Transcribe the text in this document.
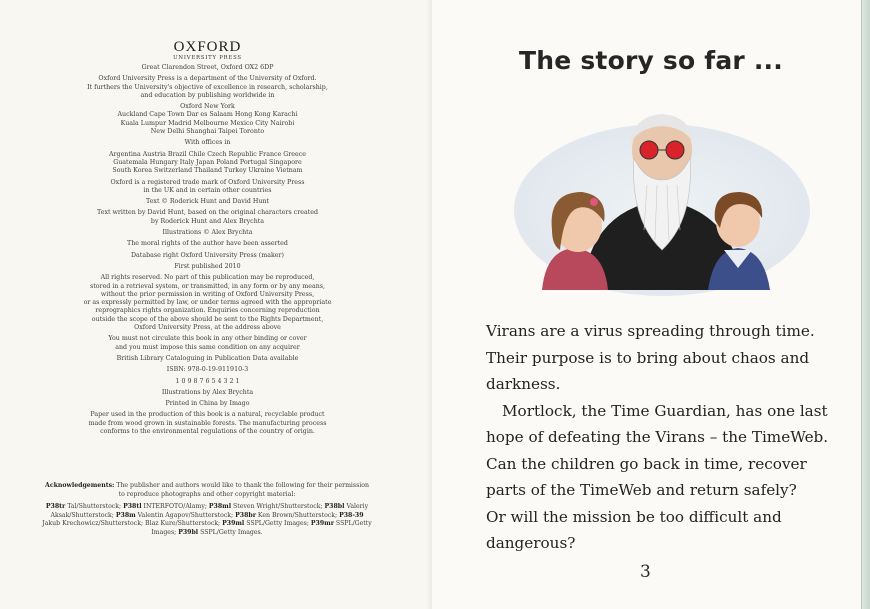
OXFORD
UNIVERSITY PRESS

Great Clarendon Street, Oxford OX2 6DP

Oxford University Press is a department of the University of Oxford.
It furthers the University's objective of excellence in research, scholarship,
and education by publishing worldwide in

Oxford New York
Auckland Cape Town Dar es Salaam Hong Kong Karachi
Kuala Lumpur Madrid Melbourne Mexico City Nairobi
New Delhi Shanghai Taipei Toronto

With offices in

Argentina Austria Brazil Chile Czech Republic France Greece
Guatemala Hungary Italy Japan Poland Portugal Singapore
South Korea Switzerland Thailand Turkey Ukraine Vietnam

Oxford is a registered trade mark of Oxford University Press
in the UK and in certain other countries

Text © Roderick Hunt and David Hunt

Text written by David Hunt, based on the original characters created
by Roderick Hunt and Alex Brychta

Illustrations © Alex Brychta

The moral rights of the author have been asserted

Database right Oxford University Press (maker)

First published 2010

All rights reserved. No part of this publication may be reproduced,
stored in a retrieval system, or transmitted, in any form or by any means,
without the prior permission in writing of Oxford University Press,
or as expressly permitted by law, or under terms agreed with the appropriate
reprographics rights organization. Enquiries concerning reproduction
outside the scope of the above should be sent to the Rights Department,
Oxford University Press, at the address above

You must not circulate this book in any other binding or cover
and you must impose this same condition on any acquirer

British Library Cataloguing in Publication Data available

ISBN: 978-0-19-911910-3

1 0 9 8 7 6 5 4 3 2 1

Illustrations by Alex Brychta

Printed in China by Imago

Paper used in the production of this book is a natural, recyclable product
made from wood grown in sustainable forests. The manufacturing process
conforms to the environmental regulations of the country of origin.

Acknowledgements: The publisher and authors would like to thank the following for their permission to reproduce photographs and other copyright material:

P38tr Tal/Shutterstock; P38tl INTERFOTO/Alamy; P38ml Steven Wright/Shutterstock; P38bl Valeriy Aksak/Shutterstock; P38m Valentin Agapov/Shutterstock; P38br Ken Brown/Shutterstock; P38-39 Jakub Krechowicz/Shutterstock; Blaz Kure/Shutterstock; P39ml SSPL/Getty Images; P39mr SSPL/Getty Images; P39bl SSPL/Getty Images.

The story so far ...

Virans are a virus spreading through time.
Their purpose is to bring about chaos and
darkness.

Mortlock, the Time Guardian, has one last
hope of defeating the Virans – the TimeWeb.
Can the children go back in time, recover
parts of the TimeWeb and return safely?
Or will the mission be too difficult and
dangerous?

3
